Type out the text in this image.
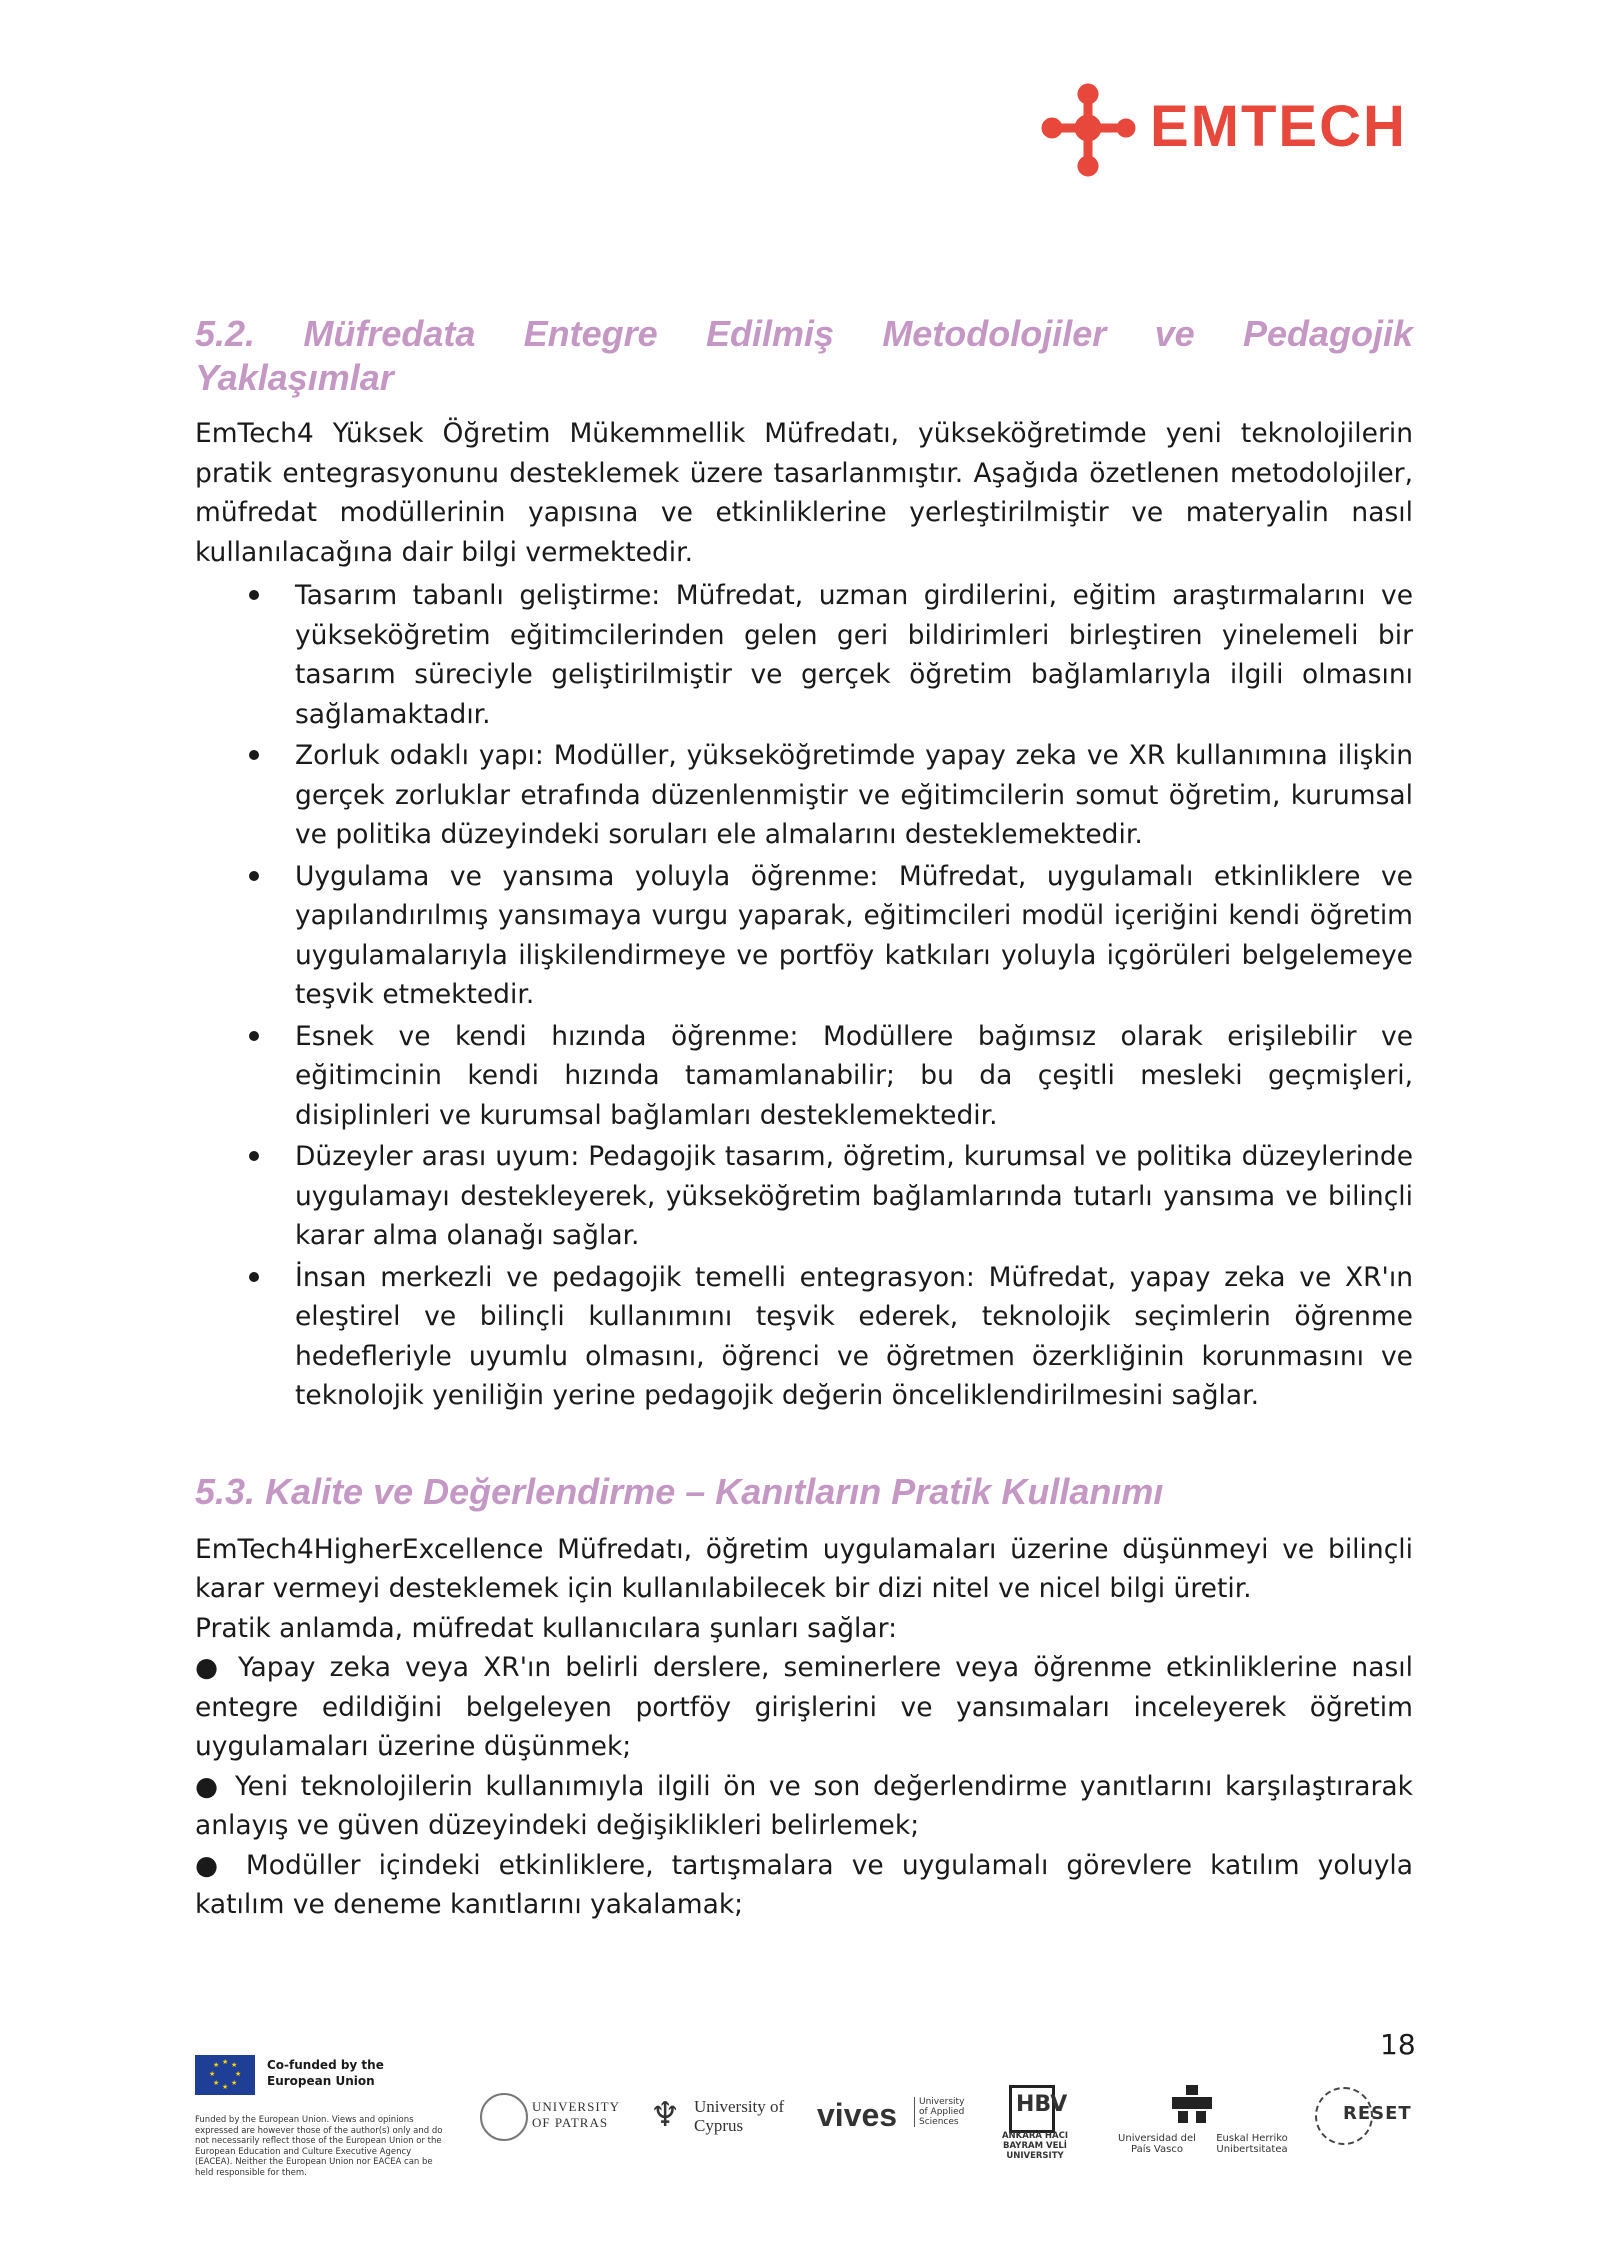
EMTECH
5.2. Müfredata Entegre Edilmiş Metodolojiler ve Pedagojik
Yaklaşımlar

EmTech4 Yüksek Öğretim Mükemmellik Müfredatı, yükseköğretimde yeni teknolojilerin pratik entegrasyonunu desteklemek üzere tasarlanmıştır. Aşağıda özetlenen metodolojiler, müfredat modüllerinin yapısına ve etkinliklerine yerleştirilmiştir ve materyalin nasıl kullanılacağına dair bilgi vermektedir.

Tasarım tabanlı geliştirme: Müfredat, uzman girdilerini, eğitim araştırmalarını ve yükseköğretim eğitimcilerinden gelen geri bildirimleri birleştiren yinelemeli bir tasarım süreciyle geliştirilmiştir ve gerçek öğretim bağlamlarıyla ilgili olmasını sağlamaktadır.
Zorluk odaklı yapı: Modüller, yükseköğretimde yapay zeka ve XR kullanımına ilişkin gerçek zorluklar etrafında düzenlenmiştir ve eğitimcilerin somut öğretim, kurumsal ve politika düzeyindeki soruları ele almalarını desteklemektedir.
Uygulama ve yansıma yoluyla öğrenme: Müfredat, uygulamalı etkinliklere ve yapılandırılmış yansımaya vurgu yaparak, eğitimcileri modül içeriğini kendi öğretim uygulamalarıyla ilişkilendirmeye ve portföy katkıları yoluyla içgörüleri belgelemeye teşvik etmektedir.
Esnek ve kendi hızında öğrenme: Modüllere bağımsız olarak erişilebilir ve eğitimcinin kendi hızında tamamlanabilir; bu da çeşitli mesleki geçmişleri, disiplinleri ve kurumsal bağlamları desteklemektedir.
Düzeyler arası uyum: Pedagojik tasarım, öğretim, kurumsal ve politika düzeylerinde uygulamayı destekleyerek, yükseköğretim bağlamlarında tutarlı yansıma ve bilinçli karar alma olanağı sağlar.
İnsan merkezli ve pedagojik temelli entegrasyon: Müfredat, yapay zeka ve XR'ın eleştirel ve bilinçli kullanımını teşvik ederek, teknolojik seçimlerin öğrenme hedefleriyle uyumlu olmasını, öğrenci ve öğretmen özerkliğinin korunmasını ve teknolojik yeniliğin yerine pedagojik değerin önceliklendirilmesini sağlar.
5.3. Kalite ve Değerlendirme – Kanıtların Pratik Kullanımı

EmTech4HigherExcellence Müfredatı, öğretim uygulamaları üzerine düşünmeyi ve bilinçli karar vermeyi desteklemek için kullanılabilecek bir dizi nitel ve nicel bilgi üretir.

Pratik anlamda, müfredat kullanıcılara şunları sağlar:

● Yapay zeka veya XR'ın belirli derslere, seminerlere veya öğrenme etkinliklerine nasıl entegre edildiğini belgeleyen portföy girişlerini ve yansımaları inceleyerek öğretim uygulamaları üzerine düşünmek;

● Yeni teknolojilerin kullanımıyla ilgili ön ve son değerlendirme yanıtlarını karşılaştırarak anlayış ve güven düzeyindeki değişiklikleri belirlemek;

● Modüller içindeki etkinliklere, tartışmalara ve uygulamalı görevlere katılım yoluyla katılım ve deneme kanıtlarını yakalamak;

18
★ ★
★
★
★
★
★
★	Co-funded by the European Union
Funded by the European Union. Views and opinions expressed are however those of the author(s) only and do not necessarily reflect those of the European Union or the European Education and Culture Executive Agency (EACEA). Neither the European Union nor EACEA can be held responsible for them.
UNIVERSITY OF PATRAS	♆ University of Cyprus	vives	University of Applied Sciences
HBV
ANKARA HACI BAYRAM VELİ UNIVERSITY
Universidad del País Vasco
Euskal Herriko Unibertsitatea
RESET
